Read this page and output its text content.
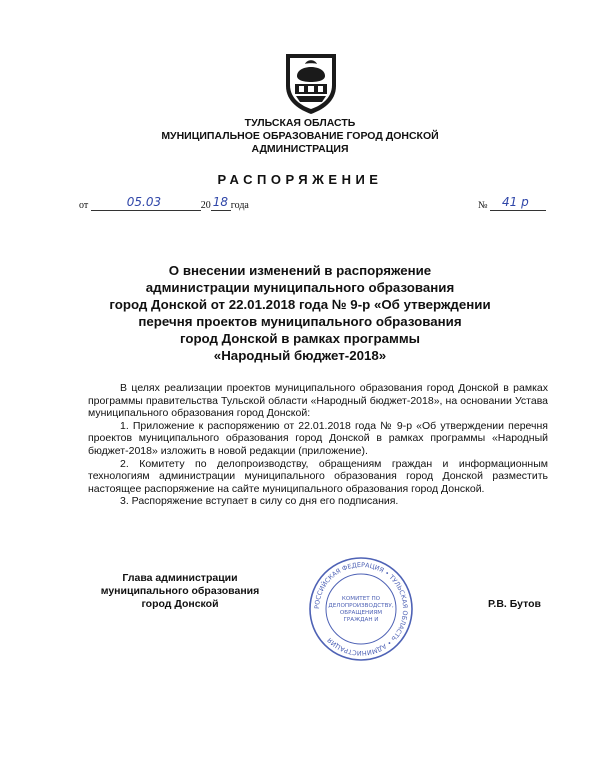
ТУЛЬСКАЯ ОБЛАСТЬ
МУНИЦИПАЛЬНОЕ ОБРАЗОВАНИЕ ГОРОД ДОНСКОЙ
АДМИНИСТРАЦИЯ
РАСПОРЯЖЕНИЕ
от	05.03	20 18 года	№ 41 р
О внесении изменений в распоряжение
администрации муниципального образования
город Донской от 22.01.2018 года № 9-р «Об утверждении
перечня проектов муниципального образования
город Донской в рамках программы
«Народный бюджет-2018»

В целях реализации проектов муниципального образования город Донской в рамках программы правительства Тульской области «Народный бюджет-2018», на основании Устава муниципального образования город Донской:

1. Приложение к распоряжению от 22.01.2018 года № 9-р «Об утверждении перечня проектов муниципального образования город Донской в рамках программы «Народный бюджет-2018» изложить в новой редакции (приложение).

2. Комитету по делопроизводству, обращениям граждан и информационным технологиям администрации муниципального образования город Донской разместить настоящее распоряжение на сайте муниципального образования город Донской.

3. Распоряжение вступает в силу со дня его подписания.

Глава администрации
муниципального образования
город Донской	Р.В. Бутов
РОССИЙСКАЯ ФЕДЕРАЦИЯ • ТУЛЬСКАЯ ОБЛАСТЬ • АДМИНИСТРАЦИЯ
КОМИТЕТ ПО
ДЕЛОПРОИЗВОДСТВУ,
ОБРАЩЕНИЯМ
ГРАЖДАН И
